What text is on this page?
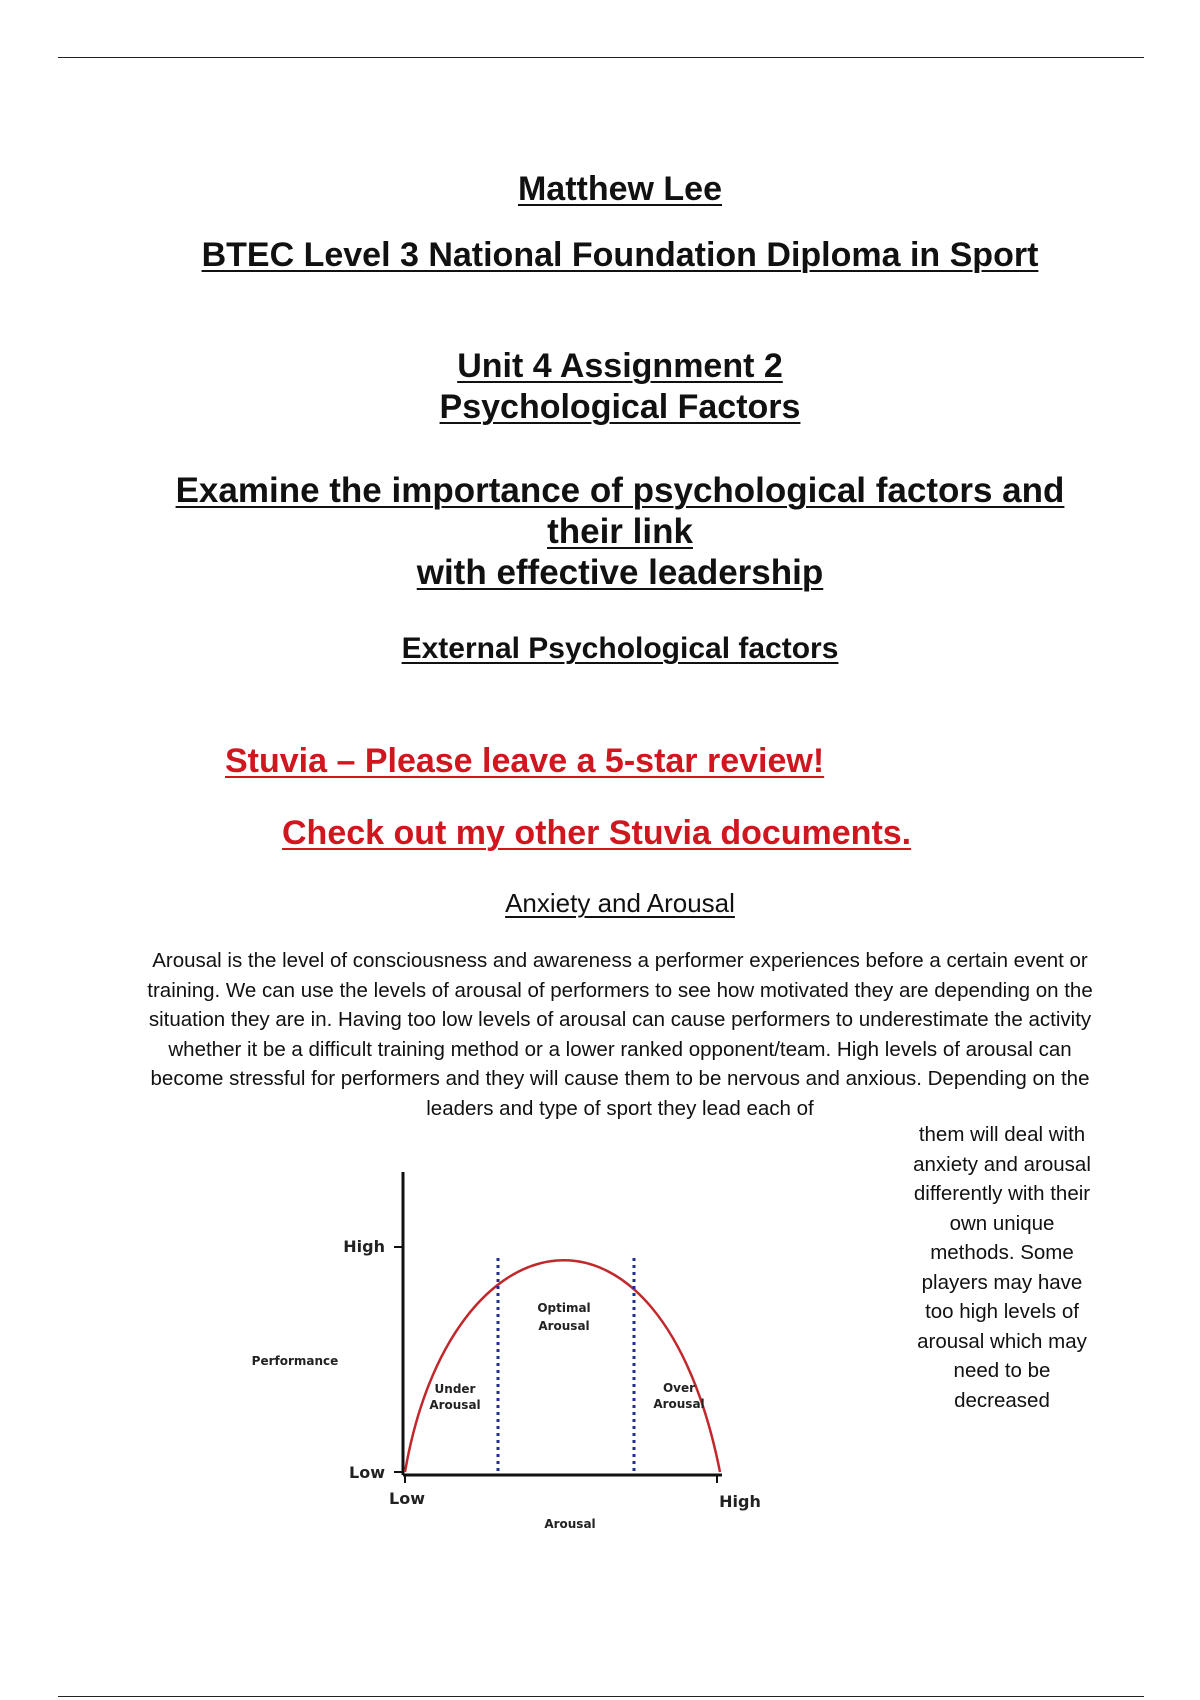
Matthew Lee
BTEC Level 3 National Foundation Diploma in Sport
Unit 4 Assignment 2
Psychological Factors
Examine the importance of psychological factors and
their link
with effective leadership
External Psychological factors
Stuvia – Please leave a 5-star review!
Check out my other Stuvia documents.
Anxiety and Arousal

Arousal is the level of consciousness and awareness a performer experiences before a certain event or training. We can use the levels of arousal of performers to see how motivated they are depending on the situation they are in. Having too low levels of arousal can cause performers to underestimate the activity whether it be a difficult training method or a lower ranked opponent/team. High levels of arousal can become stressful for performers and they will cause them to be nervous and anxious. Depending on the leaders and type of sport they lead each of

them will deal with anxiety and arousal differently with their own unique methods. Some players may have too high levels of arousal which may need to be decreased

High
Low
Performance
Low	High
Arousal
Optimal
Arousal
Under
Arousal
Over
Arousal
